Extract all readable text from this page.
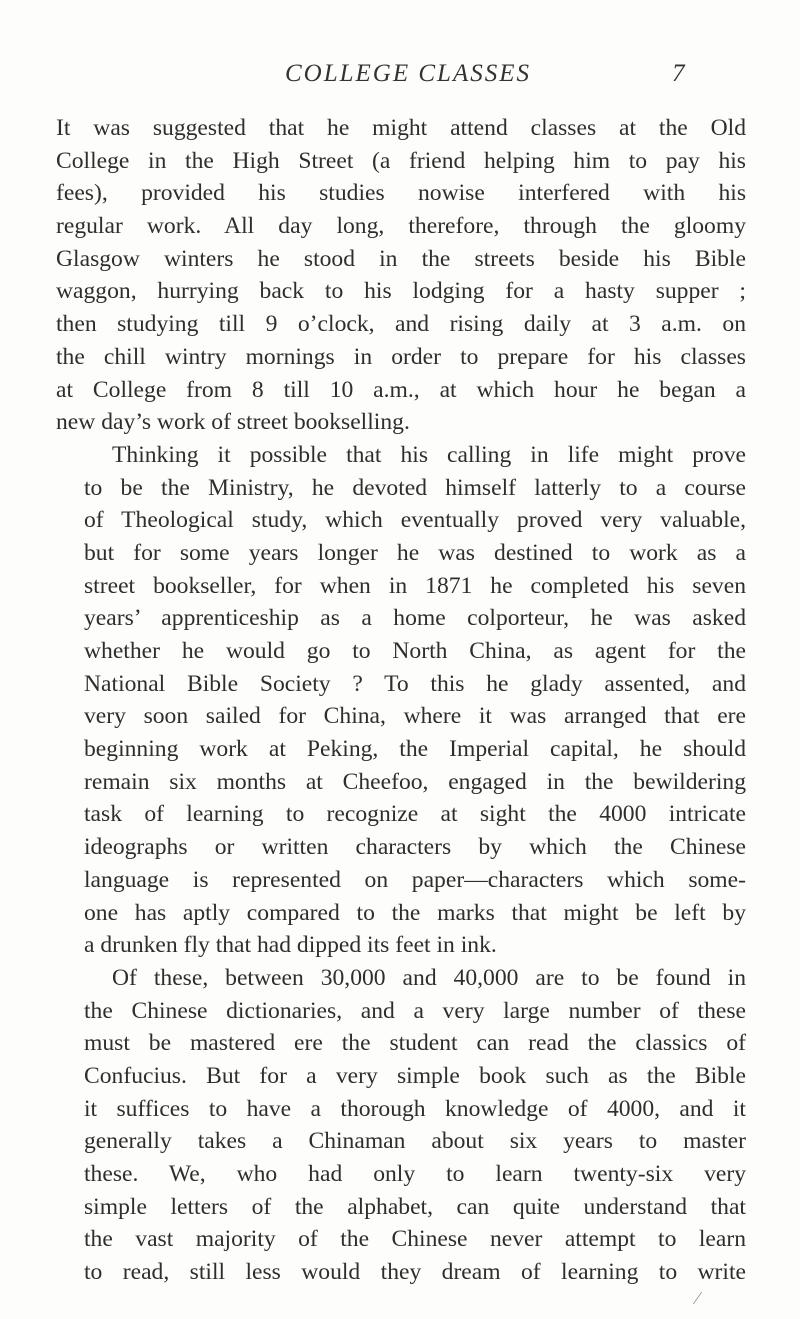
COLLEGE CLASSES	7
It was suggested that he might attend classes at the Old
College in the High Street (a friend helping him to pay his
fees), provided his studies nowise interfered with his
regular work. All day long, therefore, through the gloomy
Glasgow winters he stood in the streets beside his Bible
waggon, hurrying back to his lodging for a hasty supper ;
then studying till 9 o’clock, and rising daily at 3 a.m. on
the chill wintry mornings in order to prepare for his classes
at College from 8 till 10 a.m., at which hour he began a
new day’s work of street bookselling.
Thinking it possible that his calling in life might prove
to be the Ministry, he devoted himself latterly to a course
of Theological study, which eventually proved very valuable,
but for some years longer he was destined to work as a
street bookseller, for when in 1871 he completed his seven
years’ apprenticeship as a home colporteur, he was asked
whether he would go to North China, as agent for the
National Bible Society ? To this he glady assented, and
very soon sailed for China, where it was arranged that ere
beginning work at Peking, the Imperial capital, he should
remain six months at Cheefoo, engaged in the bewildering
task of learning to recognize at sight the 4000 intricate
ideographs or written characters by which the Chinese
language is represented on paper—characters which some-
one has aptly compared to the marks that might be left by
a drunken fly that had dipped its feet in ink.
Of these, between 30,000 and 40,000 are to be found in
the Chinese dictionaries, and a very large number of these
must be mastered ere the student can read the classics of
Confucius. But for a very simple book such as the Bible
it suffices to have a thorough knowledge of 4000, and it
generally takes a Chinaman about six years to master
these. We, who had only to learn twenty-six very
simple letters of the alphabet, can quite understand that
the vast majority of the Chinese never attempt to learn
to read, still less would they dream of learning to write
⁄
